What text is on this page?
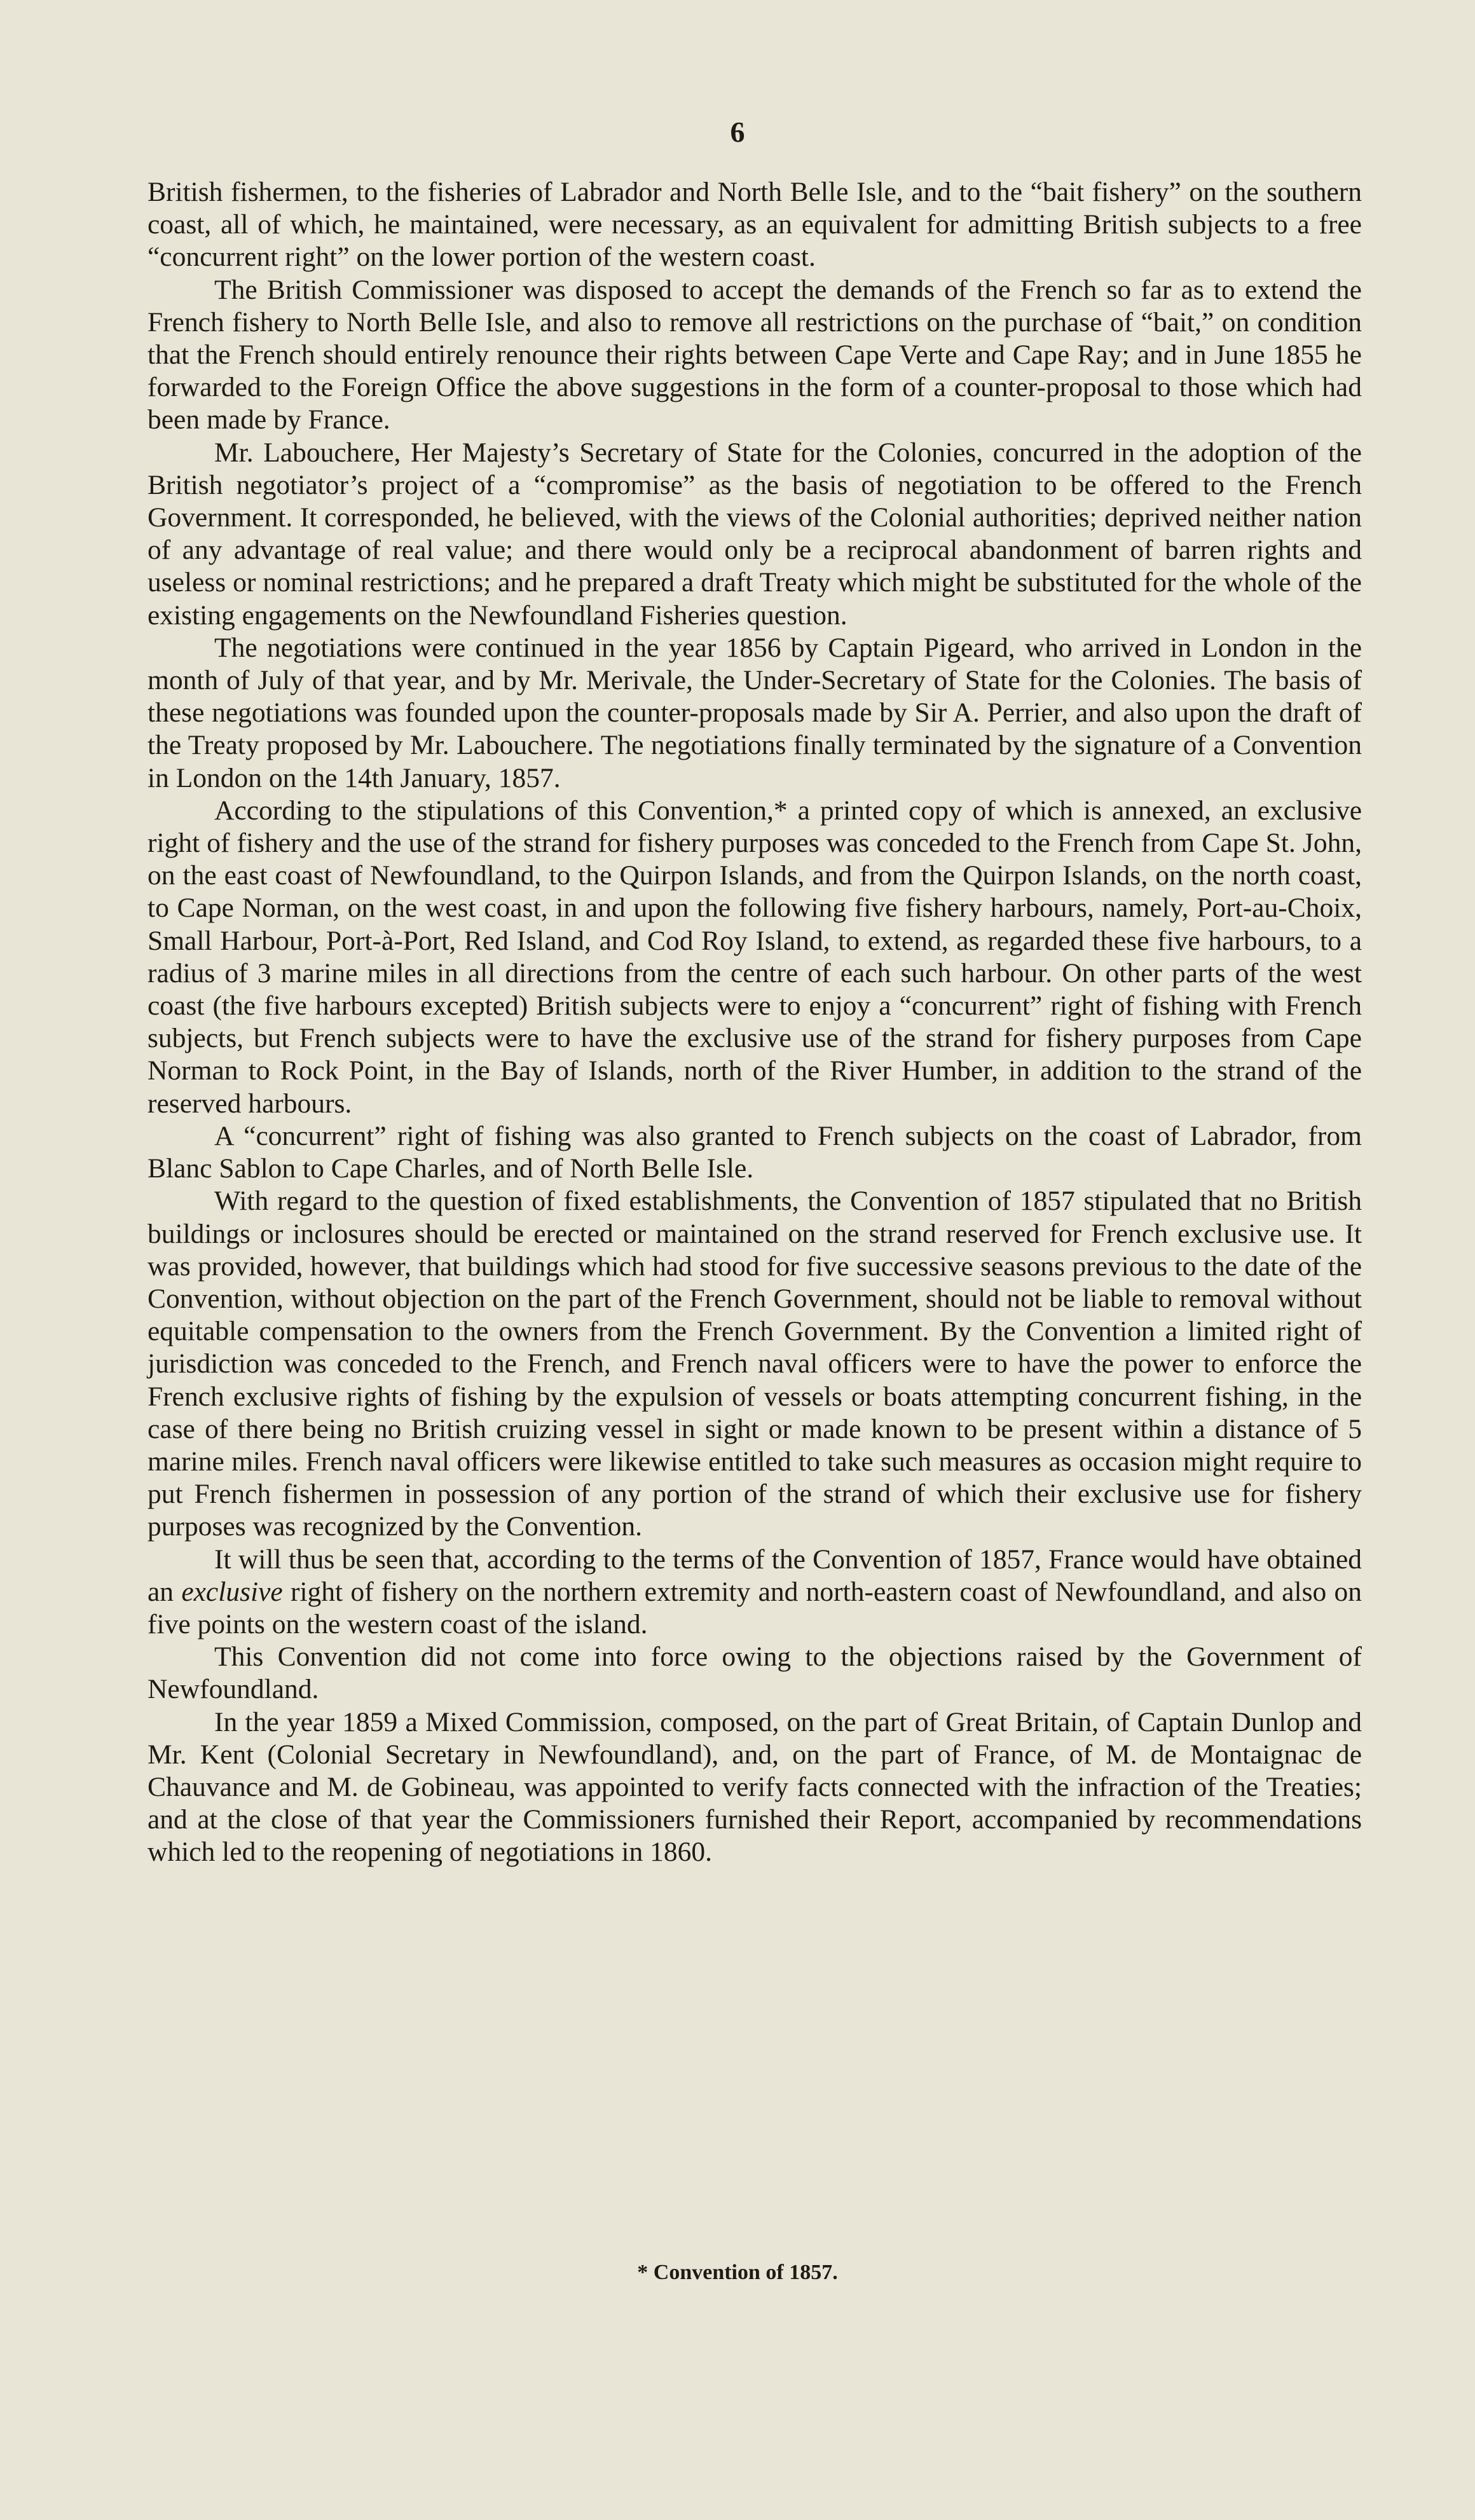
6

British fishermen, to the fisheries of Labrador and North Belle Isle, and to the “bait fishery” on the southern coast, all of which, he maintained, were necessary, as an equivalent for admitting British subjects to a free “concurrent right” on the lower portion of the western coast.

The British Commissioner was disposed to accept the demands of the French so far as to extend the French fishery to North Belle Isle, and also to remove all restrictions on the purchase of “bait,” on condition that the French should entirely renounce their rights between Cape Verte and Cape Ray; and in June 1855 he forwarded to the Foreign Office the above suggestions in the form of a counter-proposal to those which had been made by France.

Mr. Labouchere, Her Majesty’s Secretary of State for the Colonies, concurred in the adoption of the British negotiator’s project of a “compromise” as the basis of negotiation to be offered to the French Government. It corresponded, he believed, with the views of the Colonial authorities; deprived neither nation of any advantage of real value; and there would only be a reciprocal abandonment of barren rights and useless or nominal restrictions; and he prepared a draft Treaty which might be substituted for the whole of the existing engagements on the Newfoundland Fisheries question.

The negotiations were continued in the year 1856 by Captain Pigeard, who arrived in London in the month of July of that year, and by Mr. Merivale, the Under-Secretary of State for the Colonies. The basis of these negotiations was founded upon the counter-proposals made by Sir A. Perrier, and also upon the draft of the Treaty proposed by Mr. Labouchere. The negotiations finally terminated by the signature of a Convention in London on the 14th January, 1857.

According to the stipulations of this Convention,* a printed copy of which is annexed, an exclusive right of fishery and the use of the strand for fishery purposes was conceded to the French from Cape St. John, on the east coast of Newfoundland, to the Quirpon Islands, and from the Quirpon Islands, on the north coast, to Cape Norman, on the west coast, in and upon the following five fishery harbours, namely, Port-au-Choix, Small Harbour, Port-à-Port, Red Island, and Cod Roy Island, to extend, as regarded these five harbours, to a radius of 3 marine miles in all directions from the centre of each such harbour. On other parts of the west coast (the five harbours excepted) British subjects were to enjoy a “concurrent” right of fishing with French subjects, but French subjects were to have the exclusive use of the strand for fishery purposes from Cape Norman to Rock Point, in the Bay of Islands, north of the River Humber, in addition to the strand of the reserved harbours.

A “concurrent” right of fishing was also granted to French subjects on the coast of Labrador, from Blanc Sablon to Cape Charles, and of North Belle Isle.

With regard to the question of fixed establishments, the Convention of 1857 stipulated that no British buildings or inclosures should be erected or maintained on the strand reserved for French exclusive use. It was provided, however, that buildings which had stood for five successive seasons previous to the date of the Convention, without objection on the part of the French Government, should not be liable to removal without equitable compensation to the owners from the French Government. By the Convention a limited right of jurisdiction was conceded to the French, and French naval officers were to have the power to enforce the French exclusive rights of fishing by the expulsion of vessels or boats attempting concurrent fishing, in the case of there being no British cruizing vessel in sight or made known to be present within a distance of 5 marine miles. French naval officers were likewise entitled to take such measures as occasion might require to put French fishermen in possession of any portion of the strand of which their exclusive use for fishery purposes was recognized by the Convention.

It will thus be seen that, according to the terms of the Convention of 1857, France would have obtained an exclusive right of fishery on the northern extremity and north-eastern coast of Newfoundland, and also on five points on the western coast of the island.

This Convention did not come into force owing to the objections raised by the Government of Newfoundland.

In the year 1859 a Mixed Commission, composed, on the part of Great Britain, of Captain Dunlop and Mr. Kent (Colonial Secretary in Newfoundland), and, on the part of France, of M. de Montaignac de Chauvance and M. de Gobineau, was appointed to verify facts connected with the infraction of the Treaties; and at the close of that year the Commissioners furnished their Report, accompanied by recommendations which led to the reopening of negotiations in 1860.

* Convention of 1857.
